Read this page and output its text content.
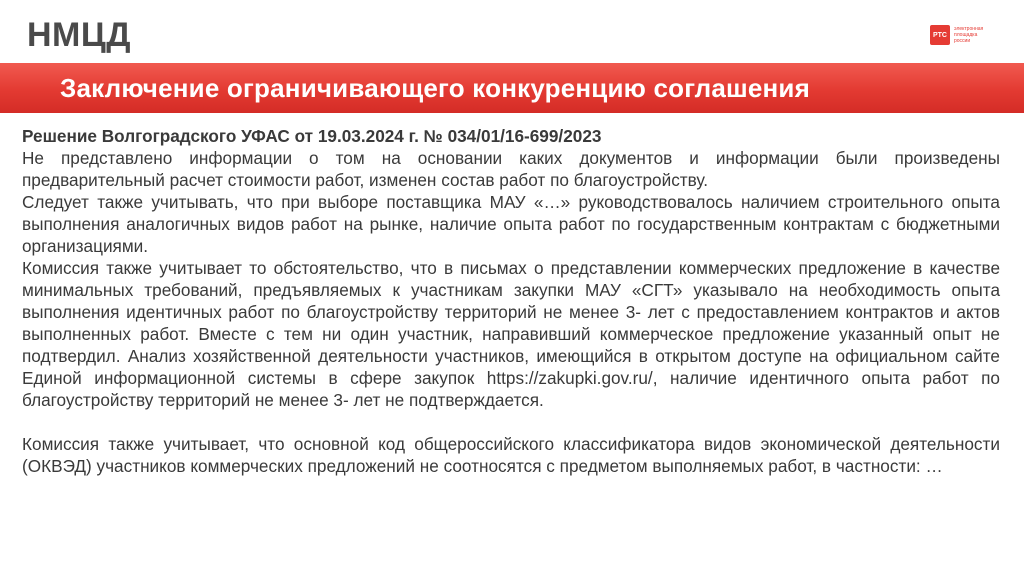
НМЦД	РТС
электронная
площадка
россии
Заключение ограничивающего конкуренцию соглашения

Решение Волгоградского УФАС от 19.03.2024 г. № 034/01/16-699/2023

Не представлено информации о том на основании каких документов и информации были произведены предварительный расчет стоимости работ, изменен состав работ по благоустройству.

Следует также учитывать, что при выборе поставщика МАУ «…» руководствовалось наличием строительного опыта выполнения аналогичных видов работ на рынке, наличие опыта работ по государственным контрактам с бюджетными организациями.

Комиссия также учитывает то обстоятельство, что в письмах о представлении коммерческих предложение в качестве минимальных требований, предъявляемых к участникам закупки МАУ «СГТ» указывало на необходимость опыта выполнения идентичных работ по благоустройству территорий не менее 3- лет с предоставлением контрактов и актов выполненных работ. Вместе с тем ни один участник, направивший коммерческое предложение указанный опыт не подтвердил. Анализ хозяйственной деятельности участников, имеющийся в открытом доступе на официальном сайте Единой информационной системы в сфере закупок https://zakupki.gov.ru/, наличие идентичного опыта работ по благоустройству территорий не менее 3- лет не подтверждается.

Комиссия также учитывает, что основной код общероссийского классификатора видов экономической деятельности (ОКВЭД) участников коммерческих предложений не соотносятся с предметом выполняемых работ, в частности: …
